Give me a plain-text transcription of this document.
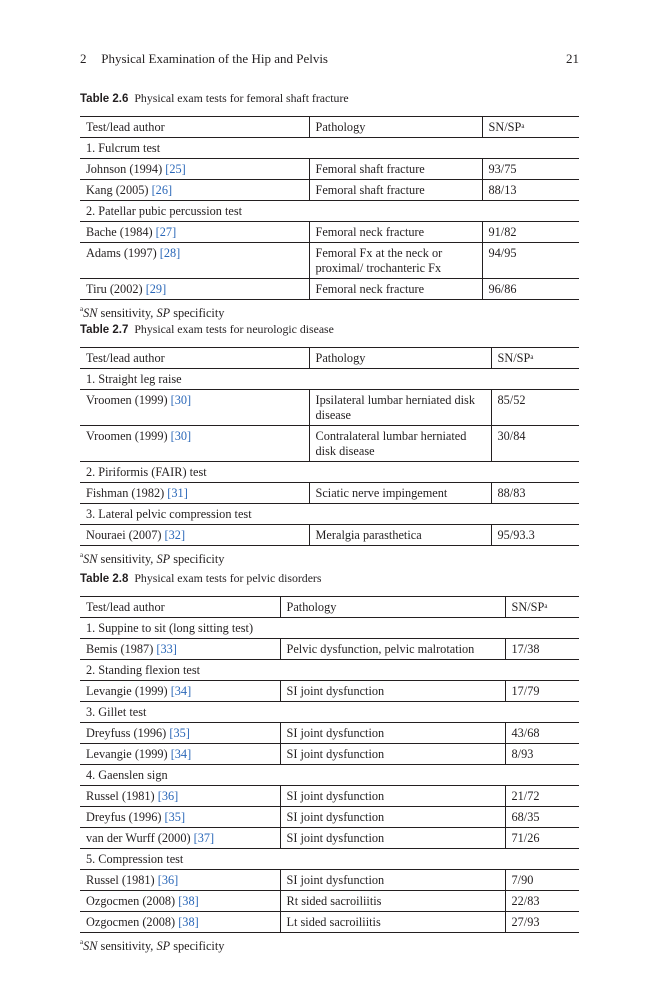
2 Physical Examination of the Hip and Pelvis	21
Table 2.6 Physical exam tests for femoral shaft fracture
Test/lead author	Pathology	$SN/SP^a$
1. Fulcrum test		
Johnson (1994) [25]	Femoral shaft fracture	93/75
Kang (2005) [26]	Femoral shaft fracture	88/13
2. Patellar pubic percussion test		
Bache (1984) [27]	Femoral neck fracture	91/82
Adams (1997) [28]	Femoral Fx at the neck or proximal/ trochanteric Fx	94/95
Tiru (2002) [29]	Femoral neck fracture	96/86
$^a$SN sensitivity, SP specificity
Table 2.7 Physical exam tests for neurologic disease
Test/lead author	Pathology	$SN/SP^a$
1. Straight leg raise		
Vroomen (1999) [30]	Ipsilateral lumbar herniated disk disease	85/52
Vroomen (1999) [30]	Contralateral lumbar herniated disk disease	30/84
2. Piriformis (FAIR) test		
Fishman (1982) [31]	Sciatic nerve impingement	88/83
3. Lateral pelvic compression test		
Nouraei (2007) [32]	Meralgia parasthetica	95/93.3
$^a$SN sensitivity, SP specificity
Table 2.8 Physical exam tests for pelvic disorders
Test/lead author	Pathology	$SN/SP^a$
1. Suppine to sit (long sitting test)		
Bemis (1987) [33]	Pelvic dysfunction, pelvic malrotation	17/38
2. Standing flexion test		
Levangie (1999) [34]	SI joint dysfunction	17/79
3. Gillet test		
Dreyfuss (1996) [35]	SI joint dysfunction	43/68
Levangie (1999) [34]	SI joint dysfunction	8/93
4. Gaenslen sign		
Russel (1981) [36]	SI joint dysfunction	21/72
Dreyfus (1996) [35]	SI joint dysfunction	68/35
van der Wurff (2000) [37]	SI joint dysfunction	71/26
5. Compression test		
Russel (1981) [36]	SI joint dysfunction	7/90
Ozgocmen (2008) [38]	Rt sided sacroiliitis	22/83
Ozgocmen (2008) [38]	Lt sided sacroiliitis	27/93
$^a$SN sensitivity, SP specificity
